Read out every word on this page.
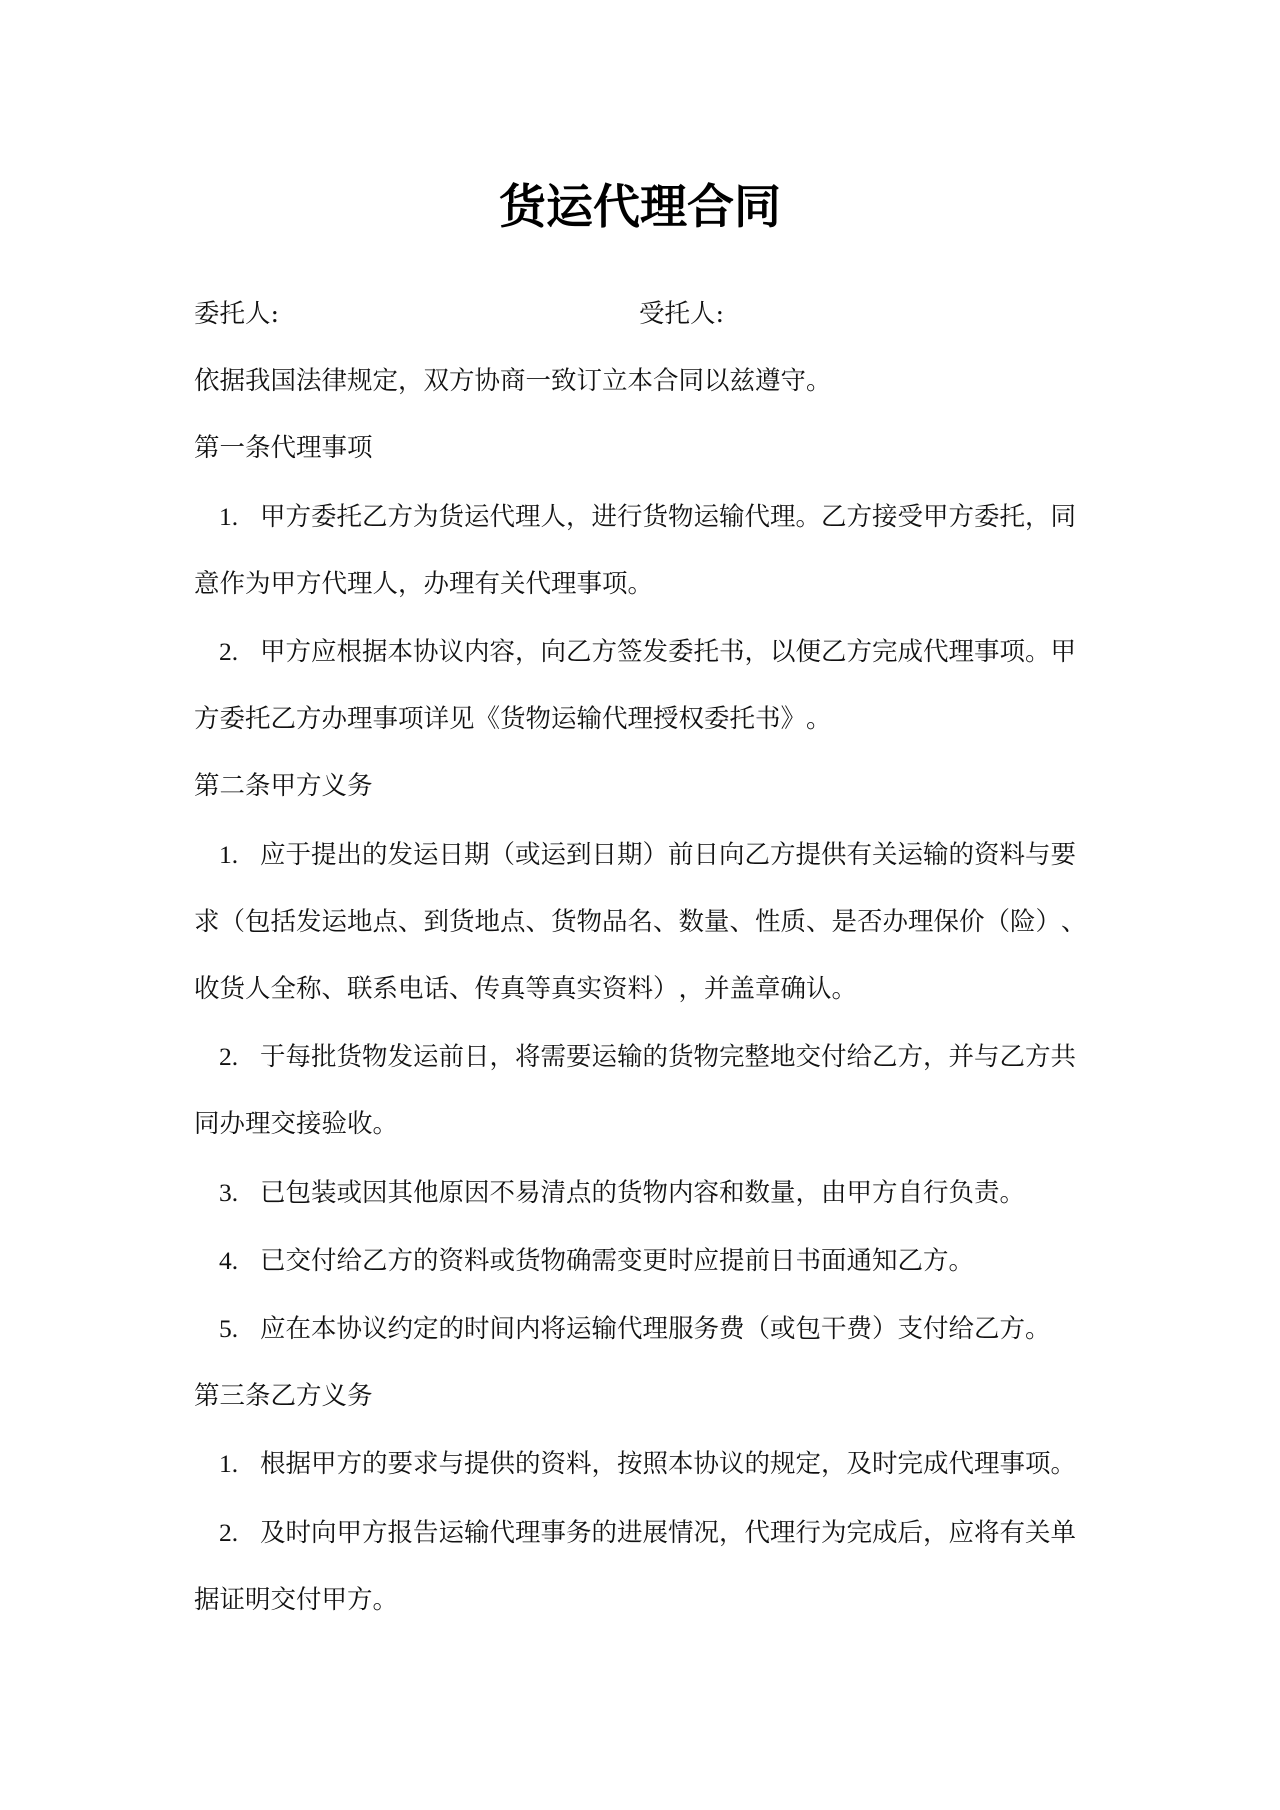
货运代理合同
委托人:	受托人:

依据我国法律规定，双方协商一致订立本合同以兹遵守。

第一条代理事项

1. 甲方委托乙方为货运代理人，进行货物运输代理。乙方接受甲方委托，同意作为甲方代理人，办理有关代理事项。

2. 甲方应根据本协议内容，向乙方签发委托书，以便乙方完成代理事项。甲方委托乙方办理事项详见《货物运输代理授权委托书》。

第二条甲方义务

1. 应于提出的发运日期（或运到日期）前日向乙方提供有关运输的资料与要求（包括发运地点、到货地点、货物品名、数量、性质、是否办理保价（险）、收货人全称、联系电话、传真等真实资料），并盖章确认。

2. 于每批货物发运前日，将需要运输的货物完整地交付给乙方，并与乙方共同办理交接验收。

3. 已包装或因其他原因不易清点的货物内容和数量，由甲方自行负责。

4. 已交付给乙方的资料或货物确需变更时应提前日书面通知乙方。

5. 应在本协议约定的时间内将运输代理服务费（或包干费）支付给乙方。

第三条乙方义务

1. 根据甲方的要求与提供的资料，按照本协议的规定，及时完成代理事项。

2. 及时向甲方报告运输代理事务的进展情况，代理行为完成后，应将有关单据证明交付甲方。
